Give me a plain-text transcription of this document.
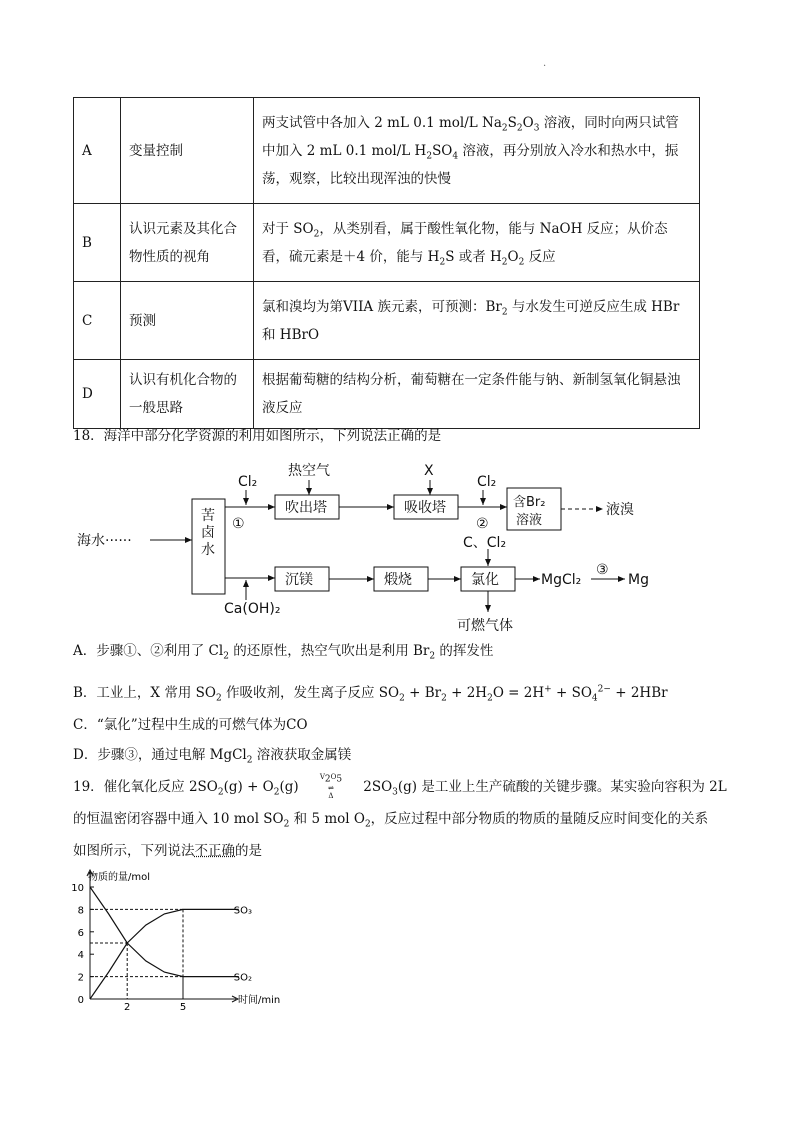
.
A	变量控制	两支试管中各加入 2 mL 0.1 mol/L $Na_2S_2O_3$ 溶液，同时向两只试管中加入 2 mL 0.1 mol/L $H_2SO_4$ 溶液，再分别放入冷水和热水中，振荡，观察，比较出现浑浊的快慢
B	认识元素及其化合物性质的视角	对于 $SO_2$，从类别看，属于酸性氧化物，能与 NaOH 反应；从价态看，硫元素是＋4 价，能与 $H_2S$ 或者 $H_2O_2$ 反应
C	预测	氯和溴均为第VIIA 族元素，可预测：$Br_2$ 与水发生可逆反应生成 HBr 和 HBrO
D	认识有机化合物的一般思路	根据葡萄糖的结构分析，葡萄糖在一定条件能与钠、新制氢氧化铜悬浊液反应
18．海洋中部分化学资源的利用如图所示，下列说法正确的是
海水······
苦
卤
水
Cl₂
①
热空气
吹出塔
X
吸收塔
Cl₂
②
含Br₂
溶液
液溴
沉镁	煅烧	氯化
C、Cl₂
MgCl₂
③
Mg
Ca(OH)₂
可燃气体
A．步骤①、②利用了 $Cl_2$ 的还原性，热空气吹出是利用 $Br_2$ 的挥发性
B．工业上，X 常用 $SO_2$ 作吸收剂，发生离子反应 $SO_2 + Br_2 + 2H_2O = 2H^+ + SO_4^{2-} + 2HBr$
C．“氯化”过程中生成的可燃气体为CO
D．步骤③，通过电解 MgCl$_2$ 溶液获取金属镁
19．催化氧化反应 $2SO_2(g) + O_2(g)$
$V_2O_5$
⇌
Δ
$2SO_3(g)$ 是工业上生产硫酸的关键步骤。某实验向容积为 2L
的恒温密闭容器中通入 10 mol $SO_2$ 和 5 mol $O_2$，反应过程中部分物质的物质的量随反应时间变化的关系
如图所示，下列说法不正确的是
物质的量/mol
时间/min
0
2
4
6
8
10
2	5
SO₃
SO₂
